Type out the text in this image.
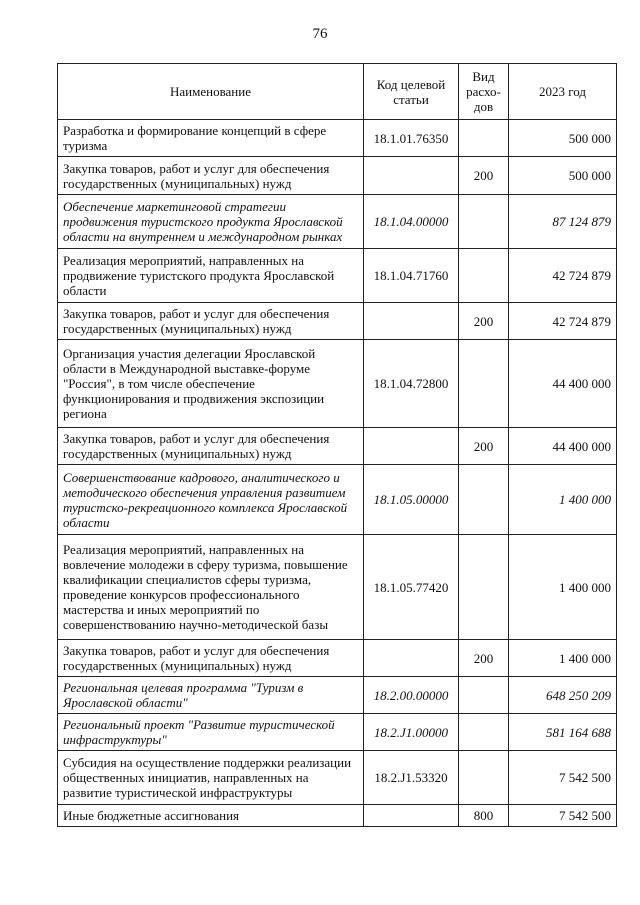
76
Наименование	Код целевой статьи	Вид расхо-дов	2023 год
Разработка и формирование концепций в сфере туризма	18.1.01.76350		500 000
Закупка товаров, работ и услуг для обеспечения государственных (муниципальных) нужд		200	500 000
Обеспечение маркетинговой стратегии продвижения туристского продукта Ярославской области на внутреннем и международном рынках	18.1.04.00000		87 124 879
Реализация мероприятий, направленных на продвижение туристского продукта Ярославской области	18.1.04.71760		42 724 879
Закупка товаров, работ и услуг для обеспечения государственных (муниципальных) нужд		200	42 724 879
Организация участия делегации Ярославской области в Международной выставке-форуме "Россия", в том числе обеспечение функционирования и продвижения экспозиции региона	18.1.04.72800		44 400 000
Закупка товаров, работ и услуг для обеспечения государственных (муниципальных) нужд		200	44 400 000
Совершенствование кадрового, аналитического и методического обеспечения управления развитием туристско-рекреационного комплекса Ярославской области	18.1.05.00000		1 400 000
Реализация мероприятий, направленных на вовлечение молодежи в сферу туризма, повышение квалификации специалистов сферы туризма, проведение конкурсов профессионального мастерства и иных мероприятий по совершенствованию научно-методической базы	18.1.05.77420		1 400 000
Закупка товаров, работ и услуг для обеспечения государственных (муниципальных) нужд		200	1 400 000
Региональная целевая программа "Туризм в Ярославской области"	18.2.00.00000		648 250 209
Региональный проект "Развитие туристической инфраструктуры"	18.2.J1.00000		581 164 688
Субсидия на осуществление поддержки реализации общественных инициатив, направленных на развитие туристической инфраструктуры	18.2.J1.53320		7 542 500
Иные бюджетные ассигнования		800	7 542 500
